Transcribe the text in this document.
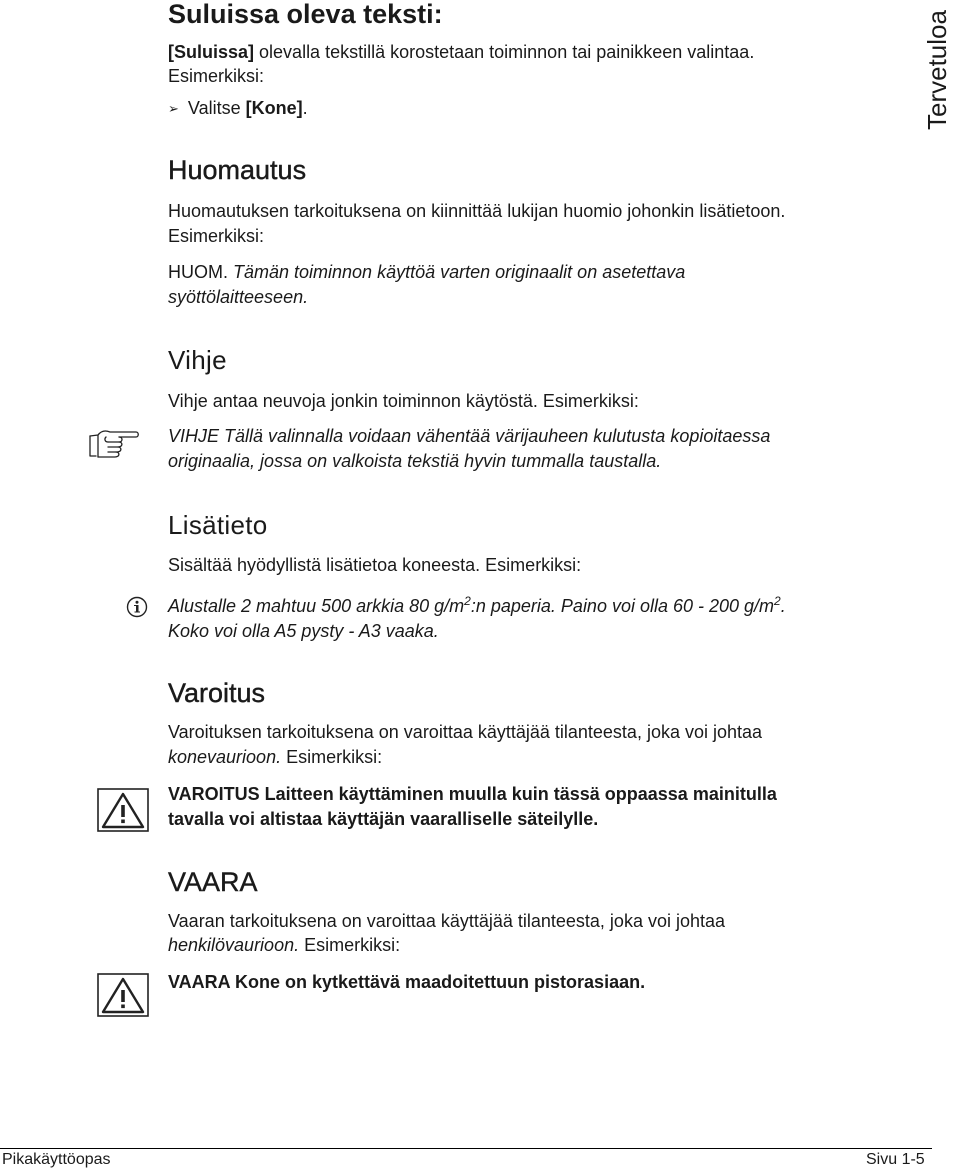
Tervetuloa
Suluissa oleva teksti:
[Suluissa] olevalla tekstillä korostetaan toiminnon tai painikkeen valintaa.
Esimerkiksi:
➢ Valitse [Kone].
Huomautus
Huomautuksen tarkoituksena on kiinnittää lukijan huomio johonkin lisätietoon.
Esimerkiksi:
HUOM. Tämän toiminnon käyttöä varten originaalit on asetettava
syöttölaitteeseen.
Vihje
Vihje antaa neuvoja jonkin toiminnon käytöstä. Esimerkiksi:
VIHJE Tällä valinnalla voidaan vähentää värijauheen kulutusta kopioitaessa
originaalia, jossa on valkoista tekstiä hyvin tummalla taustalla.
Lisätieto
Sisältää hyödyllistä lisätietoa koneesta. Esimerkiksi:
Alustalle 2 mahtuu 500 arkkia 80 $g/m^2:n$ paperia. Paino voi olla 60 - 200 $g/m^2$.
Koko voi olla A5 pysty - A3 vaaka.
Varoitus
Varoituksen tarkoituksena on varoittaa käyttäjää tilanteesta, joka voi johtaa
konevaurioon. Esimerkiksi:
VAROITUS Laitteen käyttäminen muulla kuin tässä oppaassa mainitulla
tavalla voi altistaa käyttäjän vaaralliselle säteilylle.
VAARA
Vaaran tarkoituksena on varoittaa käyttäjää tilanteesta, joka voi johtaa
henkilövaurioon. Esimerkiksi:
VAARA Kone on kytkettävä maadoitettuun pistorasiaan.
Pikakäyttöopas	Sivu 1-5
